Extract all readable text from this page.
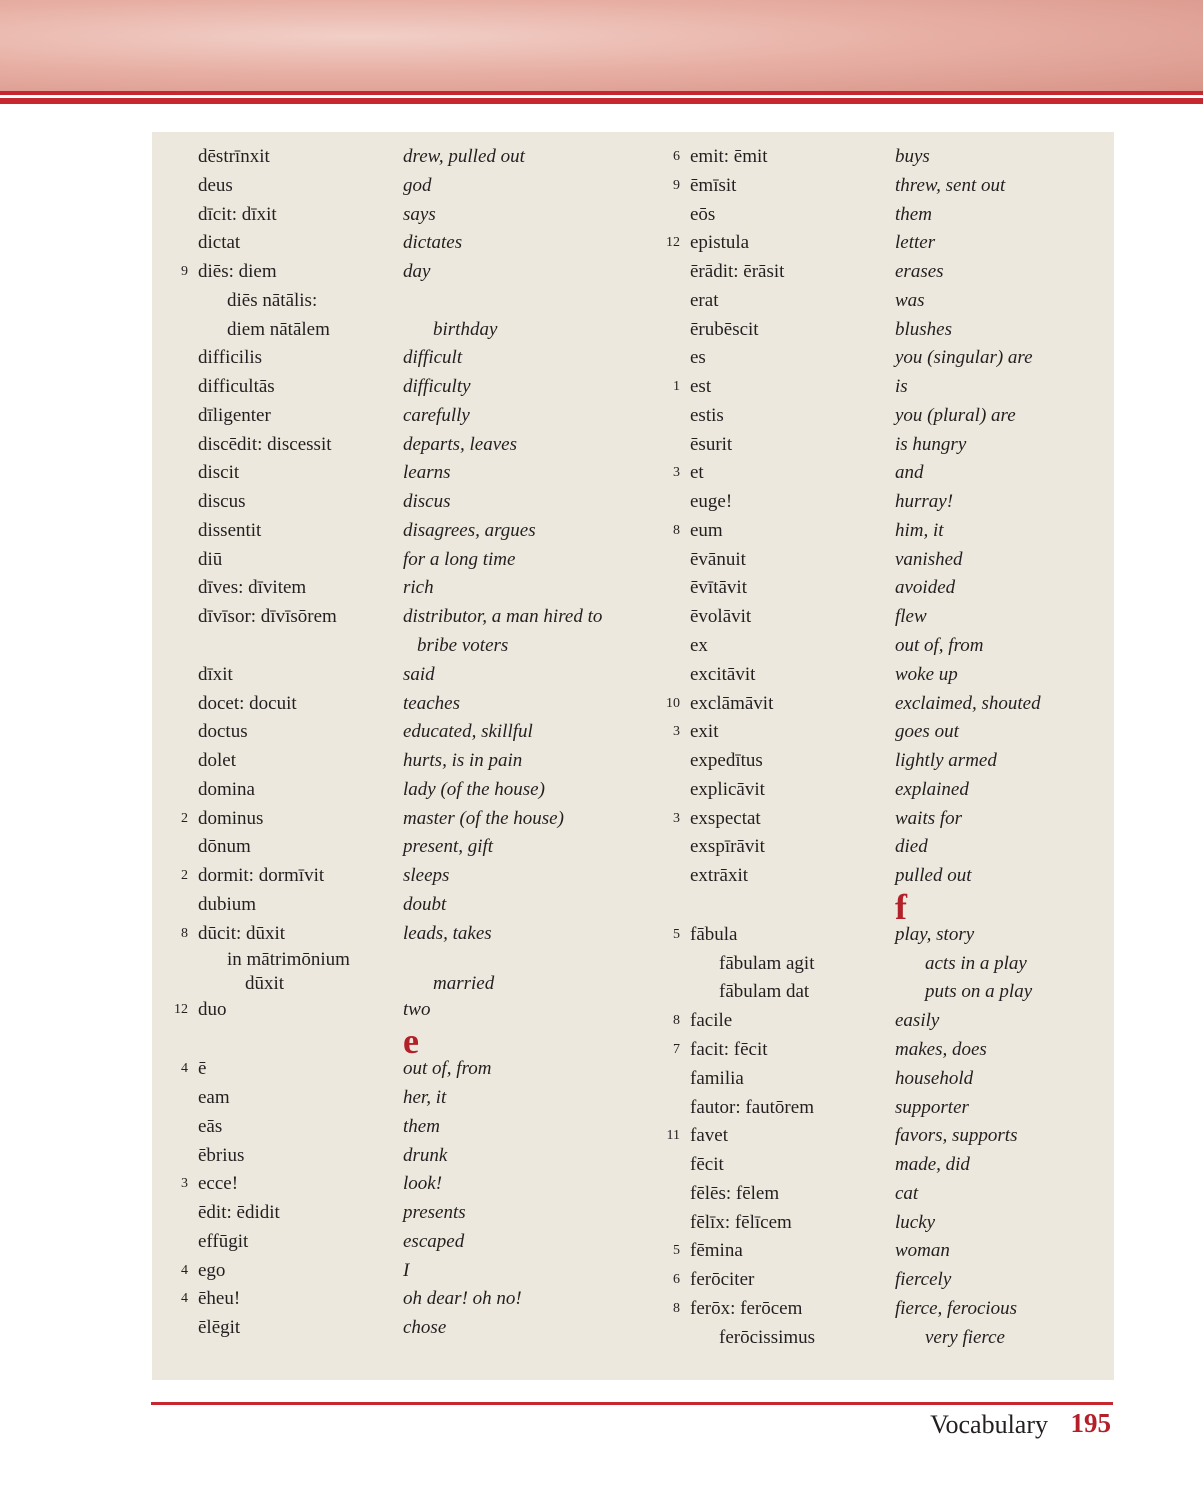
dēstrīnxit	drew, pulled out
deus	god
dīcit: dīxit	says
dictat	dictates
9 diēs: diem	day
diēs nātālis:
diem nātālem	birthday
difficilis	difficult
difficultās	difficulty
dīligenter	carefully
discēdit: discessit	departs, leaves
discit	learns
discus	discus
dissentit	disagrees, argues
diū	for a long time
dīves: dīvitem	rich
dīvīsor: dīvīsōrem	distributor, a man hired to
bribe voters
dīxit	said
docet: docuit	teaches
doctus	educated, skillful
dolet	hurts, is in pain
domina	lady (of the house)
2 dominus	master (of the house)
dōnum	present, gift
2 dormit: dormīvit	sleeps
dubium	doubt
8 dūcit: dūxit	leads, takes
in mātrimōnium
dūxit	married
12 duo	two
e
4 ē	out of, from
eam	her, it
eās	them
ēbrius	drunk
3 ecce!	look!
ēdit: ēdidit	presents
effūgit	escaped
4 ego	I
4 ēheu!	oh dear! oh no!
ēlēgit	chose
6 emit: ēmit	buys
9 ēmīsit	threw, sent out
eōs	them
12 epistula	letter
ērādit: ērāsit	erases
erat	was
ērubēscit	blushes
es	you (singular) are
1 est	is
estis	you (plural) are
ēsurit	is hungry
3 et	and
euge!	hurray!
8 eum	him, it
ēvānuit	vanished
ēvītāvit	avoided
ēvolāvit	flew
ex	out of, from
excitāvit	woke up
10 exclāmāvit	exclaimed, shouted
3 exit	goes out
expedītus	lightly armed
explicāvit	explained
3 exspectat	waits for
exspīrāvit	died
extrāxit	pulled out
f
5 fābula	play, story
fābulam agit	acts in a play
fābulam dat	puts on a play
8 facile	easily
7 facit: fēcit	makes, does
familia	household
fautor: fautōrem	supporter
11 favet	favors, supports
fēcit	made, did
fēlēs: fēlem	cat
fēlīx: fēlīcem	lucky
5 fēmina	woman
6 ferōciter	fiercely
8 ferōx: ferōcem	fierce, ferocious
ferōcissimus	very fierce
Vocabulary 195
